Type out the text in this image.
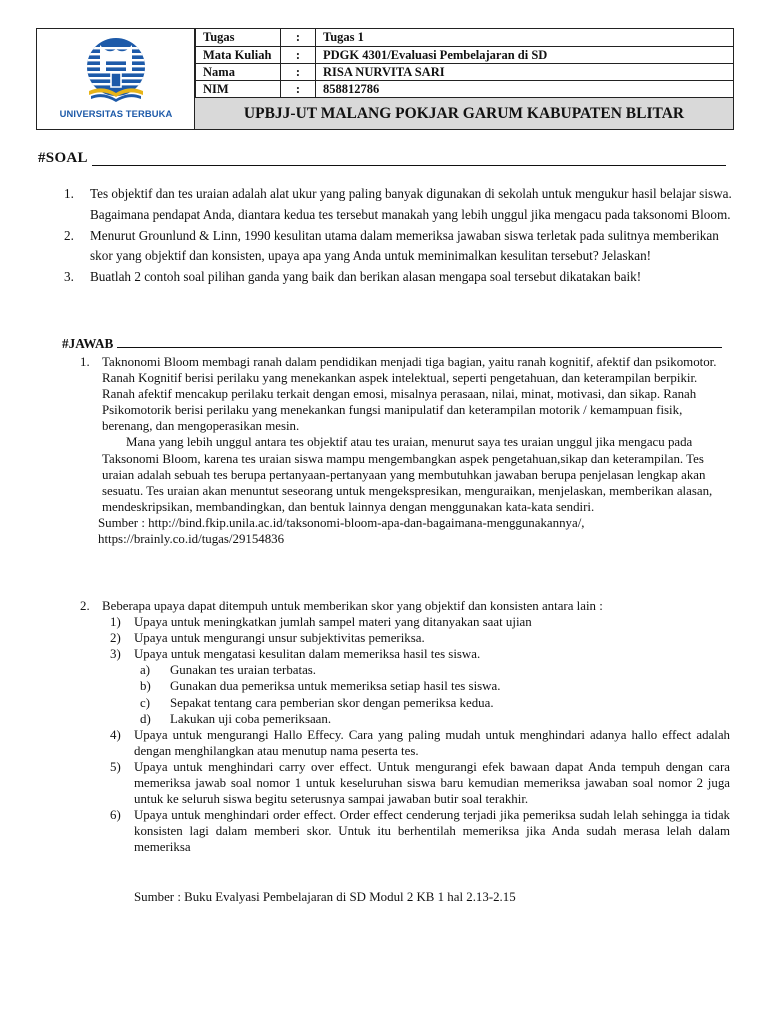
UNIVERSITAS TERBUKA
Tugas	:	Tugas 1
Mata Kuliah	:	PDGK 4301/Evaluasi Pembelajaran di SD
Nama	:	RISA NURVITA SARI
NIM	:	858812786
UPBJJ-UT MALANG POKJAR GARUM KABUPATEN BLITAR
#SOAL
1. Tes objektif dan tes uraian adalah alat ukur yang paling banyak digunakan di sekolah untuk mengukur hasil belajar siswa. Bagaimana pendapat Anda, diantara kedua tes tersebut manakah yang lebih unggul jika mengacu pada taksonomi Bloom.
2. Menurut Grounlund & Linn, 1990 kesulitan utama dalam memeriksa jawaban siswa terletak pada sulitnya memberikan skor yang objektif dan konsisten, upaya apa yang Anda untuk meminimalkan kesulitan tersebut? Jelaskan!
3. Buatlah 2 contoh soal pilihan ganda yang baik dan berikan alasan mengapa soal tersebut dikatakan baik!
#JAWAB
1. Taknonomi Bloom membagi ranah dalam pendidikan menjadi tiga bagian, yaitu ranah kognitif, afektif dan psikomotor. Ranah Kognitif berisi perilaku yang menekankan aspek intelektual, seperti pengetahuan, dan keterampilan berpikir. Ranah afektif mencakup perilaku terkait dengan emosi, misalnya perasaan, nilai, minat, motivasi, dan sikap. Ranah Psikomotorik berisi perilaku yang menekankan fungsi manipulatif dan keterampilan motorik / kemampuan fisik, berenang, dan mengoperasikan mesin.
Mana yang lebih unggul antara tes objektif atau tes uraian, menurut saya tes uraian unggul jika mengacu pada Taksonomi Bloom, karena tes uraian siswa mampu mengembangkan aspek pengetahuan,sikap dan keterampilan. Tes uraian adalah sebuah tes berupa pertanyaan-pertanyaan yang membutuhkan jawaban berupa penjelasan lengkap akan sesuatu. Tes uraian akan menuntut seseorang untuk mengekspresikan, menguraikan, menjelaskan, memberikan alasan, mendeskripsikan, membandingkan, dan bentuk lainnya dengan menggunakan kata-kata sendiri.
Sumber : http://bind.fkip.unila.ac.id/taksonomi-bloom-apa-dan-bagaimana-menggunakannya/,
https://brainly.co.id/tugas/29154836
2. Beberapa upaya dapat ditempuh untuk memberikan skor yang objektif dan konsisten antara lain :
1) Upaya untuk meningkatkan jumlah sampel materi yang ditanyakan saat ujian
2) Upaya untuk mengurangi unsur subjektivitas pemeriksa.
3) Upaya untuk mengatasi kesulitan dalam memeriksa hasil tes siswa.
a) Gunakan tes uraian terbatas.
b) Gunakan dua pemeriksa untuk memeriksa setiap hasil tes siswa.
c) Sepakat tentang cara pemberian skor dengan pemeriksa kedua.
d) Lakukan uji coba pemeriksaan.
4) Upaya untuk mengurangi Hallo Effecy. Cara yang paling mudah untuk menghindari adanya hallo effect adalah dengan menghilangkan atau menutup nama peserta tes.
5) Upaya untuk menghindari carry over effect. Untuk mengurangi efek bawaan dapat Anda tempuh dengan cara memeriksa jawab soal nomor 1 untuk keseluruhan siswa baru kemudian memeriksa jawaban soal nomor 2 juga untuk ke seluruh siswa begitu seterusnya sampai jawaban butir soal terakhir.
6) Upaya untuk menghindari order effect. Order effect cenderung terjadi jika pemeriksa sudah lelah sehingga ia tidak konsisten lagi dalam memberi skor. Untuk itu berhentilah memeriksa jika Anda sudah merasa lelah dalam memeriksa
Sumber : Buku Evalyasi Pembelajaran di SD Modul 2 KB 1 hal 2.13-2.15
